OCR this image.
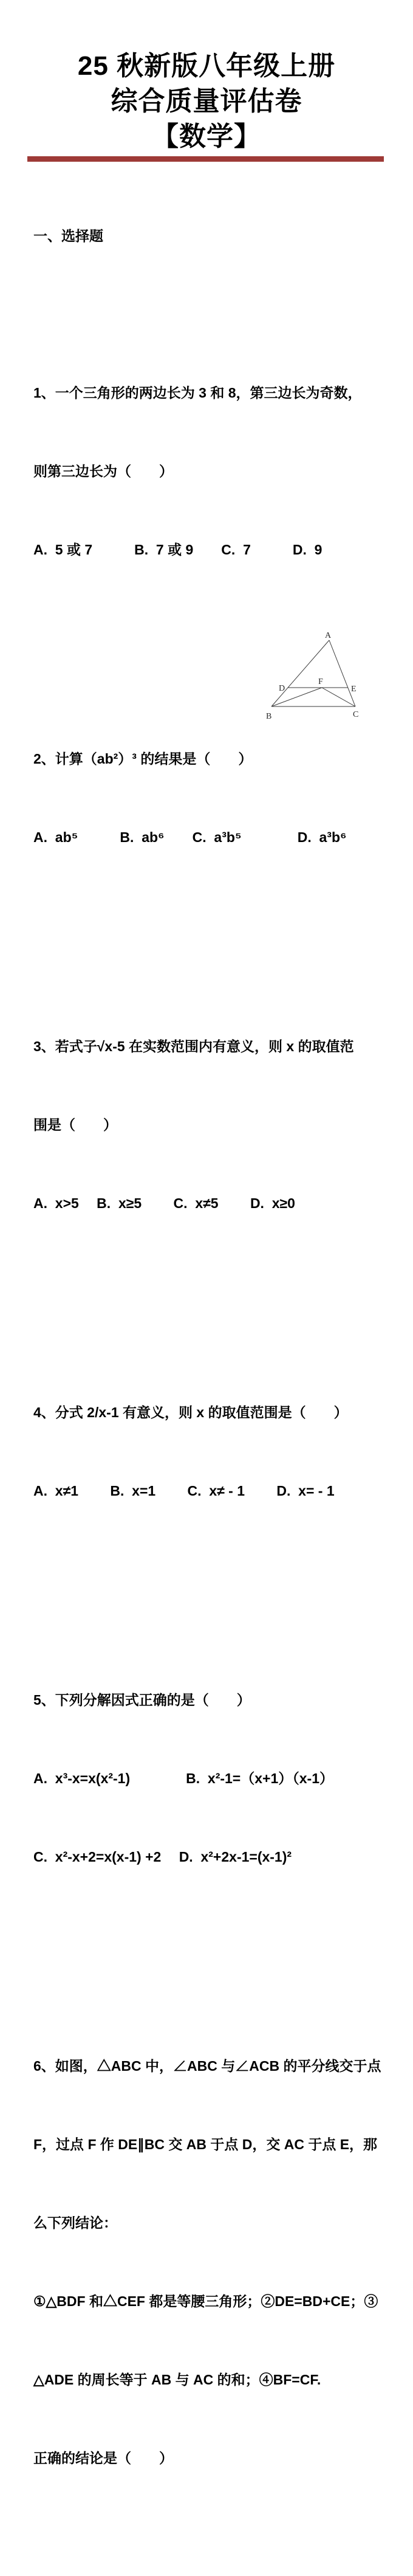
25 秋新版八年级上册
综合质量评估卷
【数学】

一、选择题

1、一个三角形的两边长为 3 和 8，第三边长为奇数，

则第三边长为（　　）

A.  5 或 7　　　B.  7 或 9　　C.  7　　　D.  9

2、计算（ab²）³ 的结果是（　　）

A.  ab⁵　　　B.  ab⁶　　C.  a³b⁵　　　　D.  a³b⁶

3、若式子√x-5 在实数范围内有意义，则 x 的取值范

围是（　　）

A.  x>5　 B.  x≥5　　 C.  x≠5　　 D.  x≥0

4、分式 2/x-1 有意义，则 x 的取值范围是（　　）

A.  x≠1　　 B.  x=1　　 C.  x≠ - 1　　 D.  x= - 1

5、下列分解因式正确的是（　　）

A.  x³-x=x(x²-1)　　　　B.  x²-1=（x+1）（x-1）

C.  x²-x+2=x(x-1) +2　 D.  x²+2x-1=(x-1)²

6、如图，△ABC 中，∠ABC 与∠ACB 的平分线交于点

F，过点 F 作 DE∥BC 交 AB 于点 D，交 AC 于点 E，那

么下列结论：

①△BDF 和△CEF 都是等腰三角形；②DE=BD+CE；③

△ADE 的周长等于 AB 与 AC 的和；④BF=CF.

正确的结论是（　　）

A
B	C
D	E
F
